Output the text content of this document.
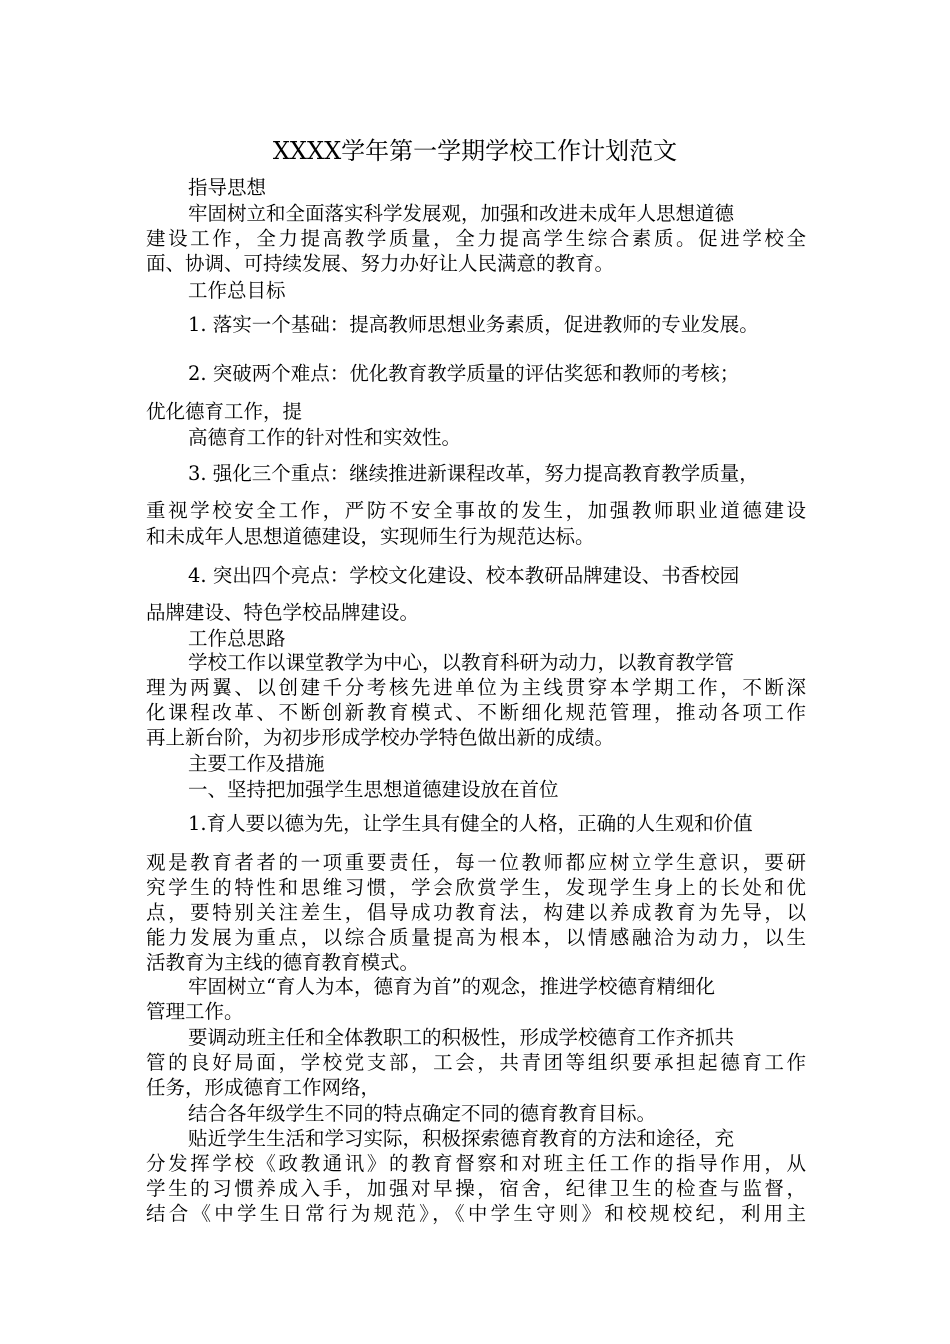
XXXX学年第一学期学校工作计划范文

指导思想

牢固树立和全面落实科学发展观，加强和改进未成年人思想道德

建设工作，全力提高教学质量，全力提高学生综合素质。促进学校全

面、协调、可持续发展、努力办好让人民满意的教育。

工作总目标

1. 落实一个基础：提高教师思想业务素质，促进教师的专业发展。

2. 突破两个难点：优化教育教学质量的评估奖惩和教师的考核；

优化德育工作，提

高德育工作的针对性和实效性。

3. 强化三个重点：继续推进新课程改革，努力提高教育教学质量，

重视学校安全工作，严防不安全事故的发生，加强教师职业道德建设

和未成年人思想道德建设，实现师生行为规范达标。

4. 突出四个亮点：学校文化建设、校本教研品牌建设、书香校园

品牌建设、特色学校品牌建设。

工作总思路

学校工作以课堂教学为中心，以教育科研为动力，以教育教学管

理为两翼、以创建千分考核先进单位为主线贯穿本学期工作，不断深

化课程改革、不断创新教育模式、不断细化规范管理，推动各项工作

再上新台阶，为初步形成学校办学特色做出新的成绩。

主要工作及措施

一、坚持把加强学生思想道德建设放在首位

1.育人要以德为先，让学生具有健全的人格，正确的人生观和价值

观是教育者者的一项重要责任，每一位教师都应树立学生意识，要研

究学生的特性和思维习惯，学会欣赏学生，发现学生身上的长处和优

点，要特别关注差生，倡导成功教育法，构建以养成教育为先导，以

能力发展为重点，以综合质量提高为根本，以情感融洽为动力，以生

活教育为主线的德育教育模式。

牢固树立“育人为本，德育为首”的观念，推进学校德育精细化

管理工作。

要调动班主任和全体教职工的积极性，形成学校德育工作齐抓共

管的良好局面，学校党支部，工会，共青团等组织要承担起德育工作

任务，形成德育工作网络，

结合各年级学生不同的特点确定不同的德育教育目标。

贴近学生生活和学习实际，积极探索德育教育的方法和途径，充

分发挥学校《政教通讯》的教育督察和对班主任工作的指导作用，从

学生的习惯养成入手，加强对早操，宿舍，纪律卫生的检查与监督，

结合《中学生日常行为规范》，《中学生守则》和校规校纪，利用主
